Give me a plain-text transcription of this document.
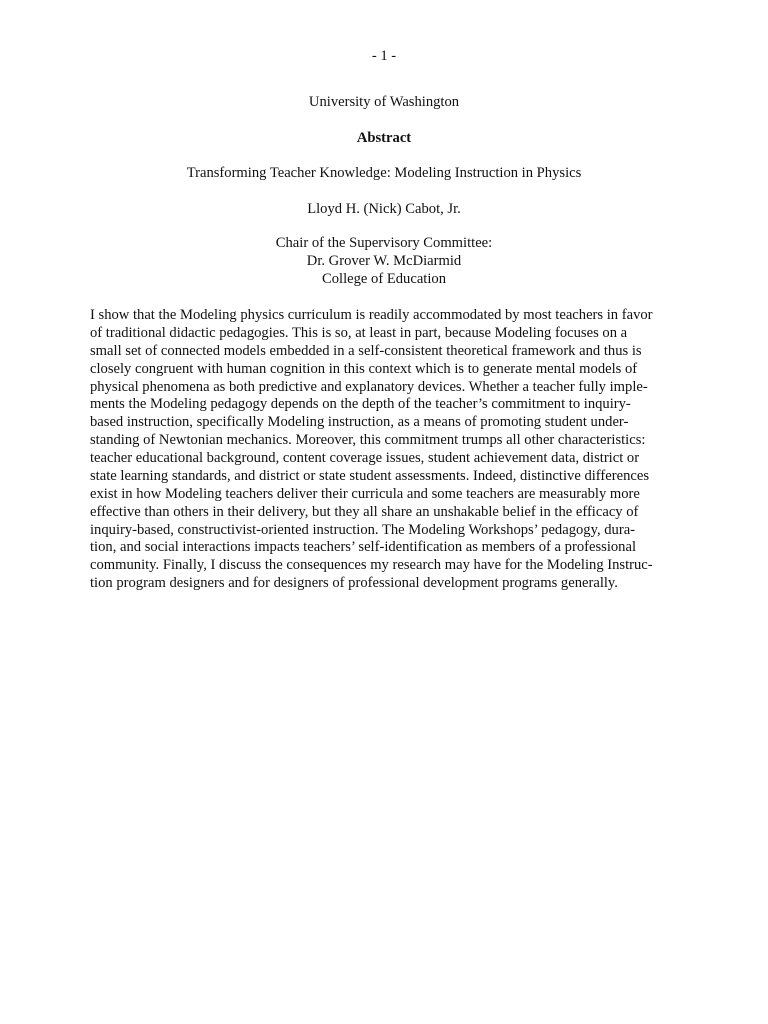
- 1 -
University of Washington
Abstract
Transforming Teacher Knowledge: Modeling Instruction in Physics
Lloyd H. (Nick) Cabot, Jr.
Chair of the Supervisory Committee:
Dr. Grover W. McDiarmid
College of Education
I show that the Modeling physics curriculum is readily accommodated by most teachers in favor
of traditional didactic pedagogies. This is so, at least in part, because Modeling focuses on a
small set of connected models embedded in a self-consistent theoretical framework and thus is
closely congruent with human cognition in this context which is to generate mental models of
physical phenomena as both predictive and explanatory devices. Whether a teacher fully imple-
ments the Modeling pedagogy depends on the depth of the teacher’s commitment to inquiry-
based instruction, specifically Modeling instruction, as a means of promoting student under-
standing of Newtonian mechanics. Moreover, this commitment trumps all other characteristics:
teacher educational background, content coverage issues, student achievement data, district or
state learning standards, and district or state student assessments. Indeed, distinctive differences
exist in how Modeling teachers deliver their curricula and some teachers are measurably more
effective than others in their delivery, but they all share an unshakable belief in the efficacy of
inquiry-based, constructivist-oriented instruction. The Modeling Workshops’ pedagogy, dura-
tion, and social interactions impacts teachers’ self-identification as members of a professional
community. Finally, I discuss the consequences my research may have for the Modeling Instruc-
tion program designers and for designers of professional development programs generally.
